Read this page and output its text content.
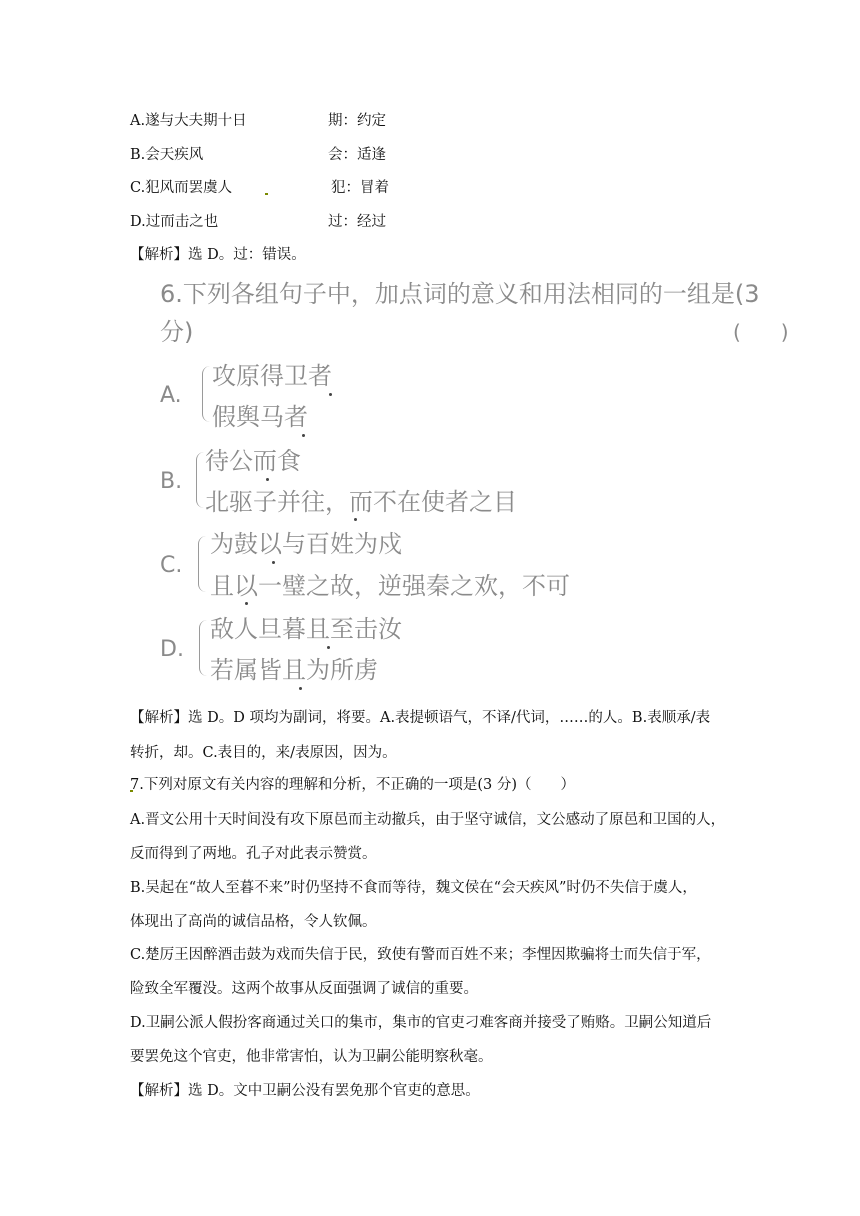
A.遂与大夫期十日	期：约定
B.会天疾风	会：适逢
C.犯风而罢虞人	犯：冒着
D.过而击之也	过：经过
【解析】选 D。过：错误。
6.下列各组句子中，加点词的意义和用法相同的一组是(3
分)	(　　)
A.
攻原得卫者
假舆马者
B.
待公而食
北驱子并往，而不在使者之目
C.
为鼓以与百姓为戍
且以一璧之故，逆强秦之欢，不可
D.
敌人旦暮且至击汝
若属皆且为所虏
【解析】选 D。D 项均为副词，将要。A.表提顿语气，不译/代词，……的人。B.表顺承/表
转折，却。C.表目的，来/表原因，因为。
7.下列对原文有关内容的理解和分析，不正确的一项是(3 分)（　　）
A.晋文公用十天时间没有攻下原邑而主动撤兵，由于坚守诚信，文公感动了原邑和卫国的人，
反而得到了两地。孔子对此表示赞赏。
B.吴起在“故人至暮不来”时仍坚持不食而等待，魏文侯在“会天疾风”时仍不失信于虞人，
体现出了高尚的诚信品格，令人钦佩。
C.楚厉王因醉酒击鼓为戏而失信于民，致使有警而百姓不来；李悝因欺骗将士而失信于军，
险致全军覆没。这两个故事从反面强调了诚信的重要。
D.卫嗣公派人假扮客商通过关口的集市，集市的官吏刁难客商并接受了贿赂。卫嗣公知道后
要罢免这个官吏，他非常害怕，认为卫嗣公能明察秋毫。
【解析】选 D。文中卫嗣公没有罢免那个官吏的意思。
